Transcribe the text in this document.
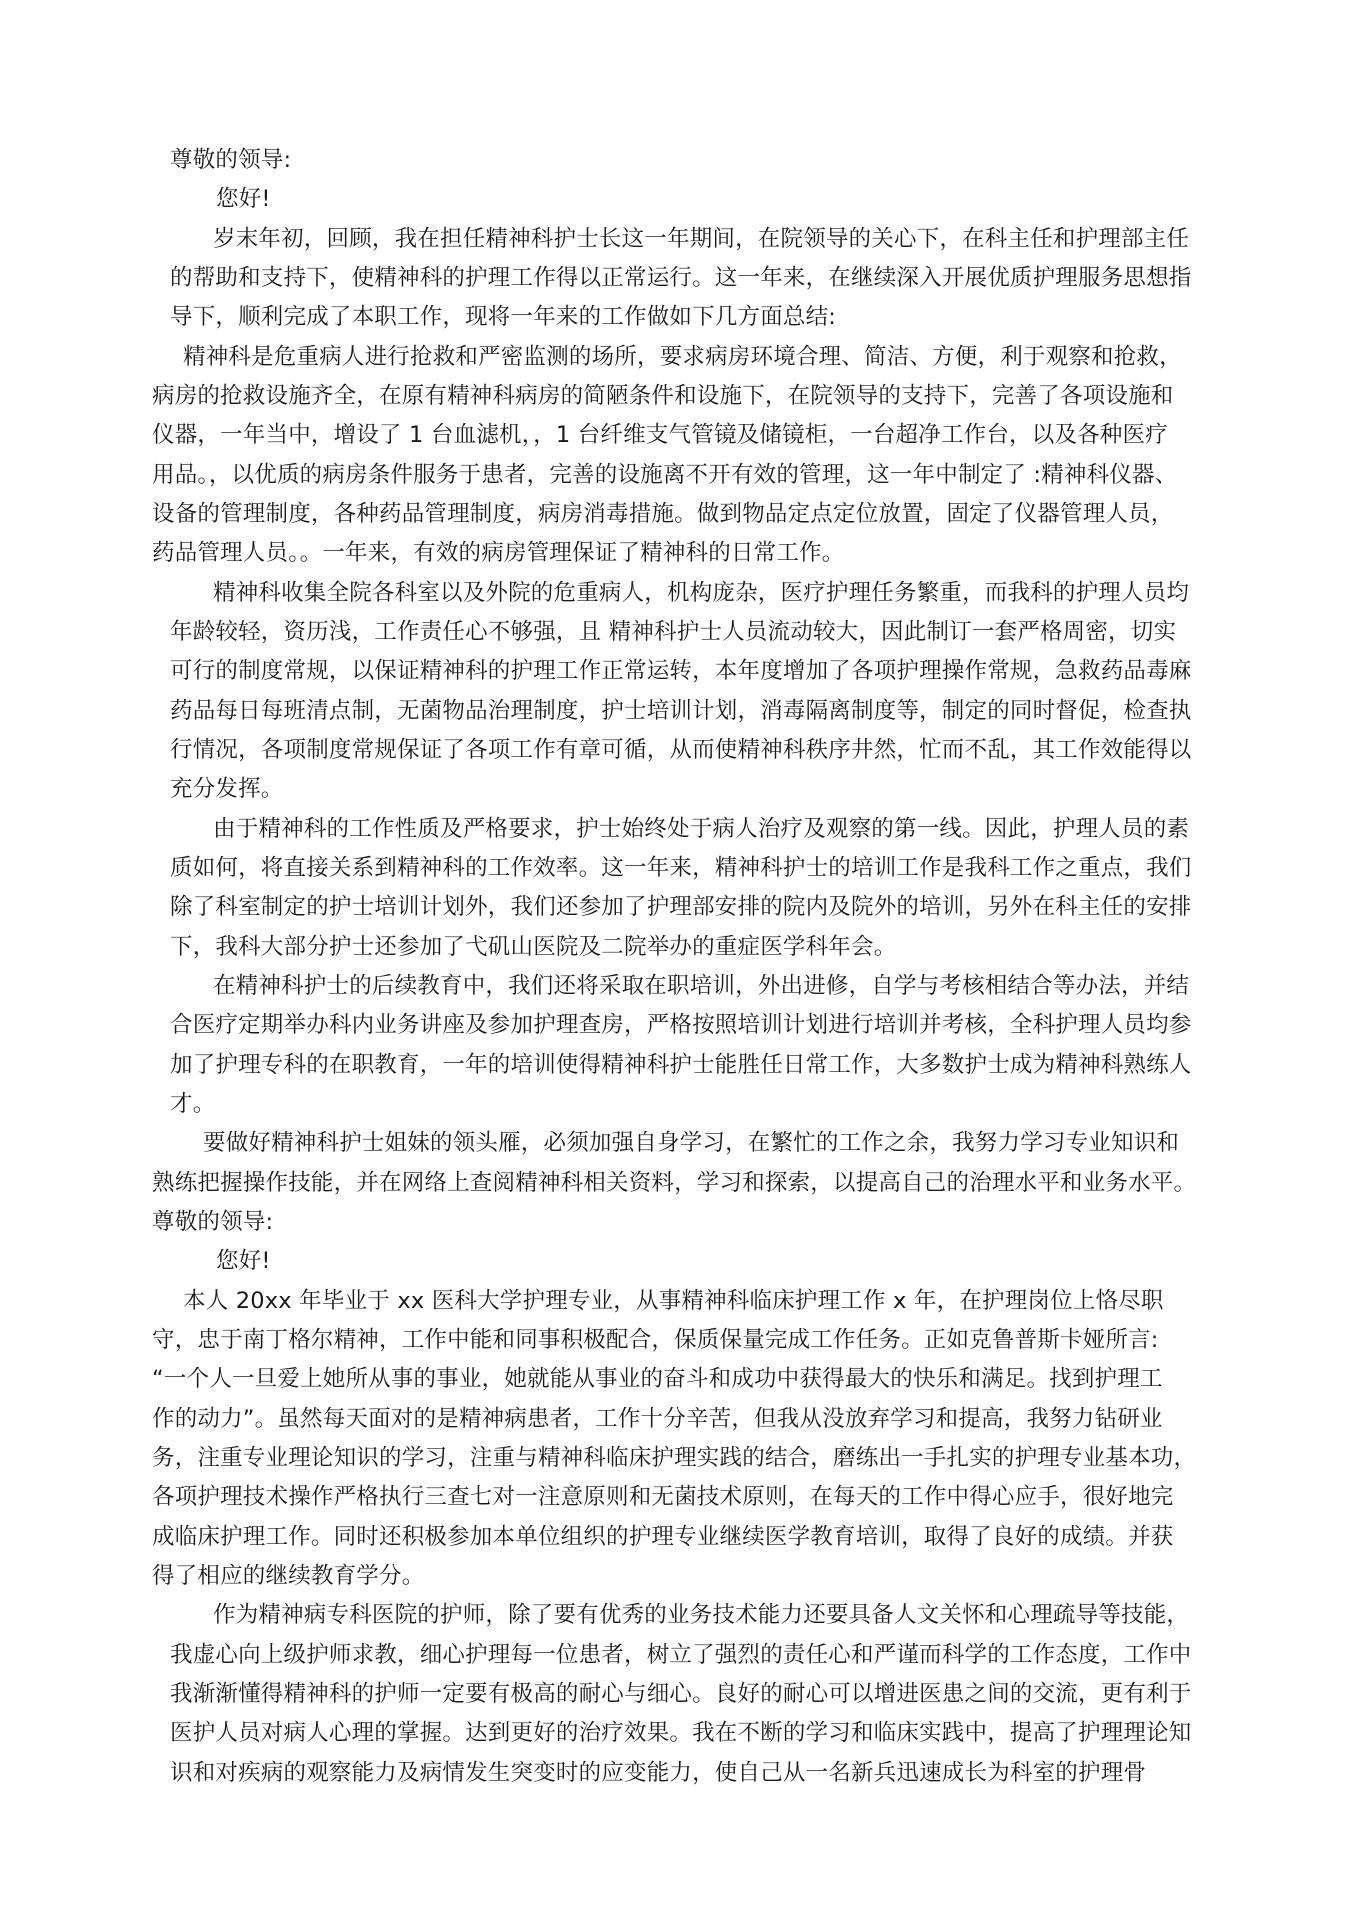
尊敬的领导:
您好!
岁末年初，回顾，我在担任精神科护士长这一年期间，在院领导的关心下，在科主任和护理部主任
的帮助和支持下，使精神科的护理工作得以正常运行。这一年来，在继续深入开展优质护理服务思想指
导下，顺利完成了本职工作，现将一年来的工作做如下几方面总结:
精神科是危重病人进行抢救和严密监测的场所，要求病房环境合理、简洁、方便，利于观察和抢救，
病房的抢救设施齐全，在原有精神科病房的简陋条件和设施下，在院领导的支持下，完善了各项设施和
仪器，一年当中，增设了 1 台血滤机，，1 台纤维支气管镜及储镜柜，一台超净工作台，以及各种医疗
用品。，以优质的病房条件服务于患者，完善的设施离不开有效的管理，这一年中制定了 :精神科仪器、
设备的管理制度，各种药品管理制度，病房消毒措施。做到物品定点定位放置，固定了仪器管理人员，
药品管理人员。。一年来，有效的病房管理保证了精神科的日常工作。
精神科收集全院各科室以及外院的危重病人，机构庞杂，医疗护理任务繁重，而我科的护理人员均
年龄较轻，资历浅，工作责任心不够强，且 精神科护士人员流动较大，因此制订一套严格周密，切实
可行的制度常规，以保证精神科的护理工作正常运转，本年度增加了各项护理操作常规，急救药品毒麻
药品每日每班清点制，无菌物品治理制度，护士培训计划，消毒隔离制度等，制定的同时督促，检查执
行情况，各项制度常规保证了各项工作有章可循，从而使精神科秩序井然，忙而不乱，其工作效能得以
充分发挥。
由于精神科的工作性质及严格要求，护士始终处于病人治疗及观察的第一线。因此，护理人员的素
质如何，将直接关系到精神科的工作效率。这一年来，精神科护士的培训工作是我科工作之重点，我们
除了科室制定的护士培训计划外，我们还参加了护理部安排的院内及院外的培训，另外在科主任的安排
下，我科大部分护士还参加了弋矶山医院及二院举办的重症医学科年会。
在精神科护士的后续教育中，我们还将采取在职培训，外出进修，自学与考核相结合等办法，并结
合医疗定期举办科内业务讲座及参加护理查房，严格按照培训计划进行培训并考核，全科护理人员均参
加了护理专科的在职教育，一年的培训使得精神科护士能胜任日常工作，大多数护士成为精神科熟练人
才。
要做好精神科护士姐妹的领头雁，必须加强自身学习，在繁忙的工作之余，我努力学习专业知识和
熟练把握操作技能，并在网络上查阅精神科相关资料，学习和探索，以提高自己的治理水平和业务水平。
尊敬的领导:
您好!
本人 20xx 年毕业于 xx 医科大学护理专业，从事精神科临床护理工作 x 年，在护理岗位上恪尽职
守，忠于南丁格尔精神，工作中能和同事积极配合，保质保量完成工作任务。正如克鲁普斯卡娅所言:
“一个人一旦爱上她所从事的事业，她就能从事业的奋斗和成功中获得最大的快乐和满足。找到护理工
作的动力”。虽然每天面对的是精神病患者，工作十分辛苦，但我从没放弃学习和提高，我努力钻研业
务，注重专业理论知识的学习，注重与精神科临床护理实践的结合，磨练出一手扎实的护理专业基本功，
各项护理技术操作严格执行三查七对一注意原则和无菌技术原则，在每天的工作中得心应手，很好地完
成临床护理工作。同时还积极参加本单位组织的护理专业继续医学教育培训，取得了良好的成绩。并获
得了相应的继续教育学分。
作为精神病专科医院的护师，除了要有优秀的业务技术能力还要具备人文关怀和心理疏导等技能，
我虚心向上级护师求教，细心护理每一位患者，树立了强烈的责任心和严谨而科学的工作态度，工作中
我渐渐懂得精神科的护师一定要有极高的耐心与细心。良好的耐心可以增进医患之间的交流，更有利于
医护人员对病人心理的掌握。达到更好的治疗效果。我在不断的学习和临床实践中，提高了护理理论知
识和对疾病的观察能力及病情发生突变时的应变能力，使自己从一名新兵迅速成长为科室的护理骨
